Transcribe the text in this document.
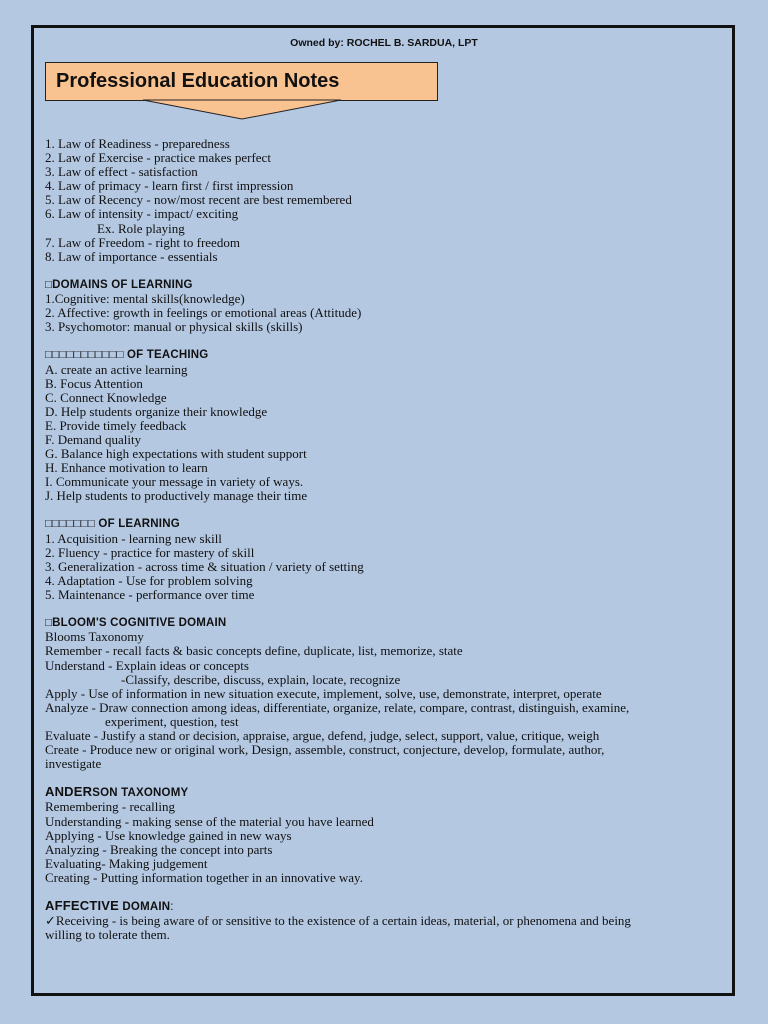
Owned by: ROCHEL B. SARDUA, LPT
Professional Education Notes
1. Law of Readiness - preparedness
2. Law of Exercise - practice makes perfect
3. Law of effect - satisfaction
4. Law of primacy - learn first / first impression
5. Law of Recency - now/most recent are best remembered
6. Law of intensity - impact/ exciting
Ex. Role playing
7. Law of Freedom - right to freedom
8. Law of importance - essentials
□DOMAINS OF LEARNING
1.Cognitive: mental skills(knowledge)
2. Affective: growth in feelings or emotional areas (Attitude)
3. Psychomotor: manual or physical skills (skills)
□□□□□□□□□□□ OF TEACHING
A. create an active learning
B. Focus Attention
C. Connect Knowledge
D. Help students organize their knowledge
E. Provide timely feedback
F. Demand quality
G. Balance high expectations with student support
H. Enhance motivation to learn
I. Communicate your message in variety of ways.
J. Help students to productively manage their time
□□□□□□□ OF LEARNING
1. Acquisition - learning new skill
2. Fluency - practice for mastery of skill
3. Generalization - across time & situation / variety of setting
4. Adaptation - Use for problem solving
5. Maintenance - performance over time
□BLOOM'S COGNITIVE DOMAIN
Blooms Taxonomy
Remember - recall facts & basic concepts define, duplicate, list, memorize, state
Understand - Explain ideas or concepts
-Classify, describe, discuss, explain, locate, recognize
Apply - Use of information in new situation execute, implement, solve, use, demonstrate, interpret, operate
Analyze - Draw connection among ideas, differentiate, organize, relate, compare, contrast, distinguish, examine,
experiment, question, test
Evaluate - Justify a stand or decision, appraise, argue, defend, judge, select, support, value, critique, weigh
Create - Produce new or original work, Design, assemble, construct, conjecture, develop, formulate, author,
investigate
ANDERSON TAXONOMY
Remembering - recalling
Understanding - making sense of the material you have learned
Applying - Use knowledge gained in new ways
Analyzing - Breaking the concept into parts
Evaluating- Making judgement
Creating - Putting information together in an innovative way.
AFFECTIVE DOMAIN:
✓Receiving - is being aware of or sensitive to the existence of a certain ideas, material, or phenomena and being
willing to tolerate them.
